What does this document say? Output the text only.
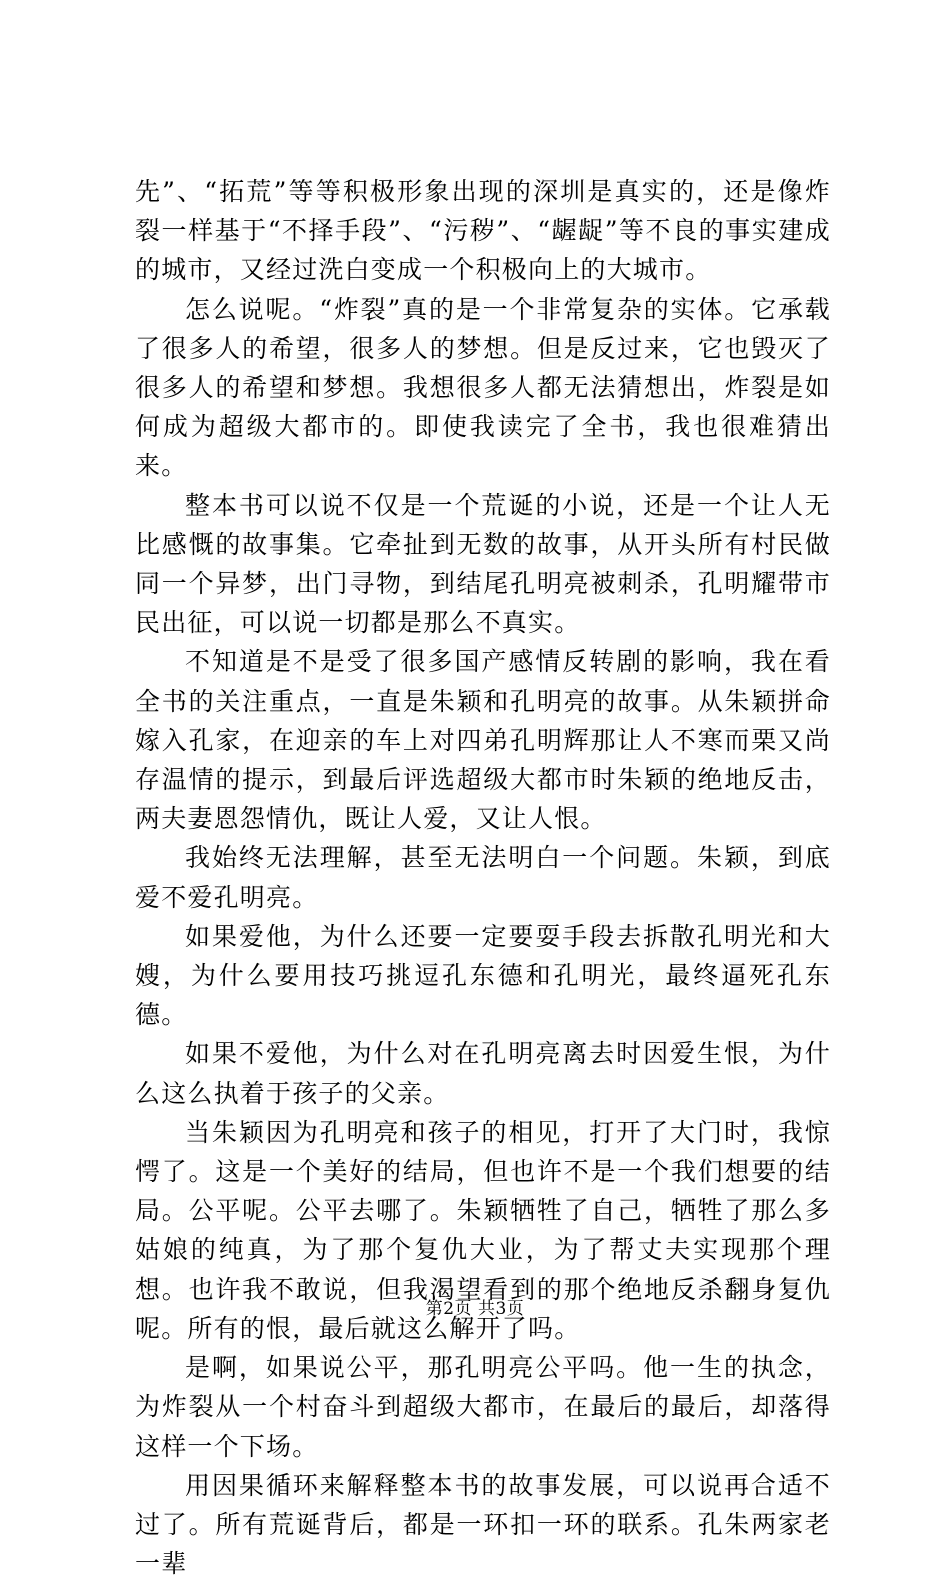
先”、“拓荒”等等积极形象出现的深圳是真实的，还是像炸裂一样基于“不择手段”、“污秽”、“龌龊”等不良的事实建成的城市，又经过洗白变成一个积极向上的大城市。

怎么说呢。“炸裂”真的是一个非常复杂的实体。它承载了很多人的希望，很多人的梦想。但是反过来，它也毁灭了很多人的希望和梦想。我想很多人都无法猜想出，炸裂是如何成为超级大都市的。即使我读完了全书，我也很难猜出来。

整本书可以说不仅是一个荒诞的小说，还是一个让人无比感慨的故事集。它牵扯到无数的故事，从开头所有村民做同一个异梦，出门寻物，到结尾孔明亮被刺杀，孔明耀带市民出征，可以说一切都是那么不真实。

不知道是不是受了很多国产感情反转剧的影响，我在看全书的关注重点，一直是朱颖和孔明亮的故事。从朱颖拼命嫁入孔家，在迎亲的车上对四弟孔明辉那让人不寒而栗又尚存温情的提示，到最后评选超级大都市时朱颖的绝地反击，两夫妻恩怨情仇，既让人爱，又让人恨。

我始终无法理解，甚至无法明白一个问题。朱颖，到底爱不爱孔明亮。

如果爱他，为什么还要一定要耍手段去拆散孔明光和大嫂，为什么要用技巧挑逗孔东德和孔明光，最终逼死孔东德。

如果不爱他，为什么对在孔明亮离去时因爱生恨，为什么这么执着于孩子的父亲。

当朱颖因为孔明亮和孩子的相见，打开了大门时，我惊愕了。这是一个美好的结局，但也许不是一个我们想要的结局。公平呢。公平去哪了。朱颖牺牲了自己，牺牲了那么多姑娘的纯真，为了那个复仇大业，为了帮丈夫实现那个理想。也许我不敢说，但我渴望看到的那个绝地反杀翻身复仇呢。所有的恨，最后就这么解开了吗。

是啊，如果说公平，那孔明亮公平吗。他一生的执念，为炸裂从一个村奋斗到超级大都市，在最后的最后，却落得这样一个下场。

用因果循环来解释整本书的故事发展，可以说再合适不过了。所有荒诞背后，都是一环扣一环的联系。孔朱两家老一辈

第2页 共3页
